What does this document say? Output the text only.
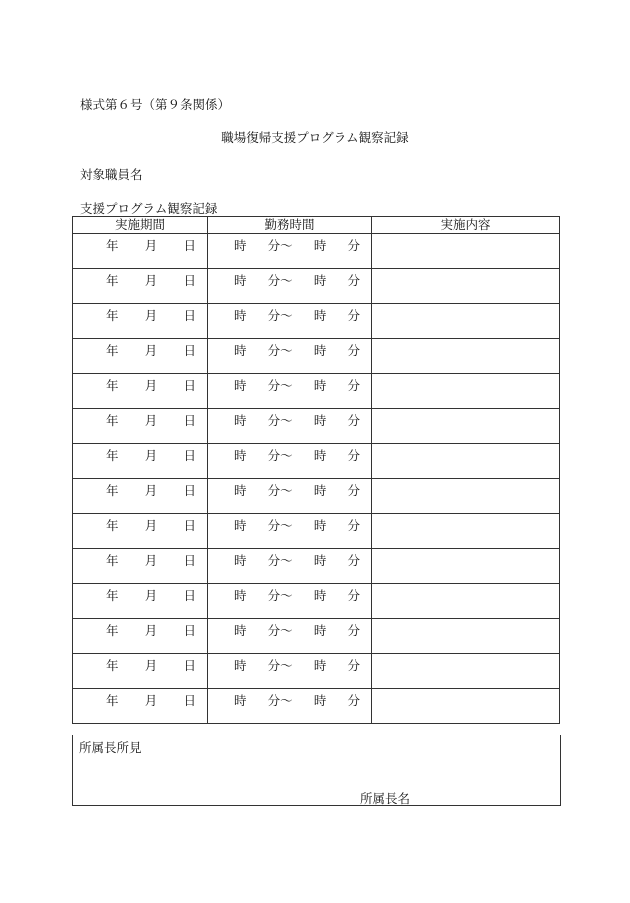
様式第６号（第９条関係）
職場復帰支援プログラム観察記録
対象職員名
支援プログラム観察記録
実施期間	勤務時間	実施内容

年 月 日	時 分〜 時 分	

年 月 日	時 分〜 時 分	

年 月 日	時 分〜 時 分	

年 月 日	時 分〜 時 分	

年 月 日	時 分〜 時 分	

年 月 日	時 分〜 時 分	

年 月 日	時 分〜 時 分	

年 月 日	時 分〜 時 分	

年 月 日	時 分〜 時 分	

年 月 日	時 分〜 時 分	

年 月 日	時 分〜 時 分	

年 月 日	時 分〜 時 分	

年 月 日	時 分〜 時 分	

年 月 日	時 分〜 時 分	

所属長所見
所属長名
